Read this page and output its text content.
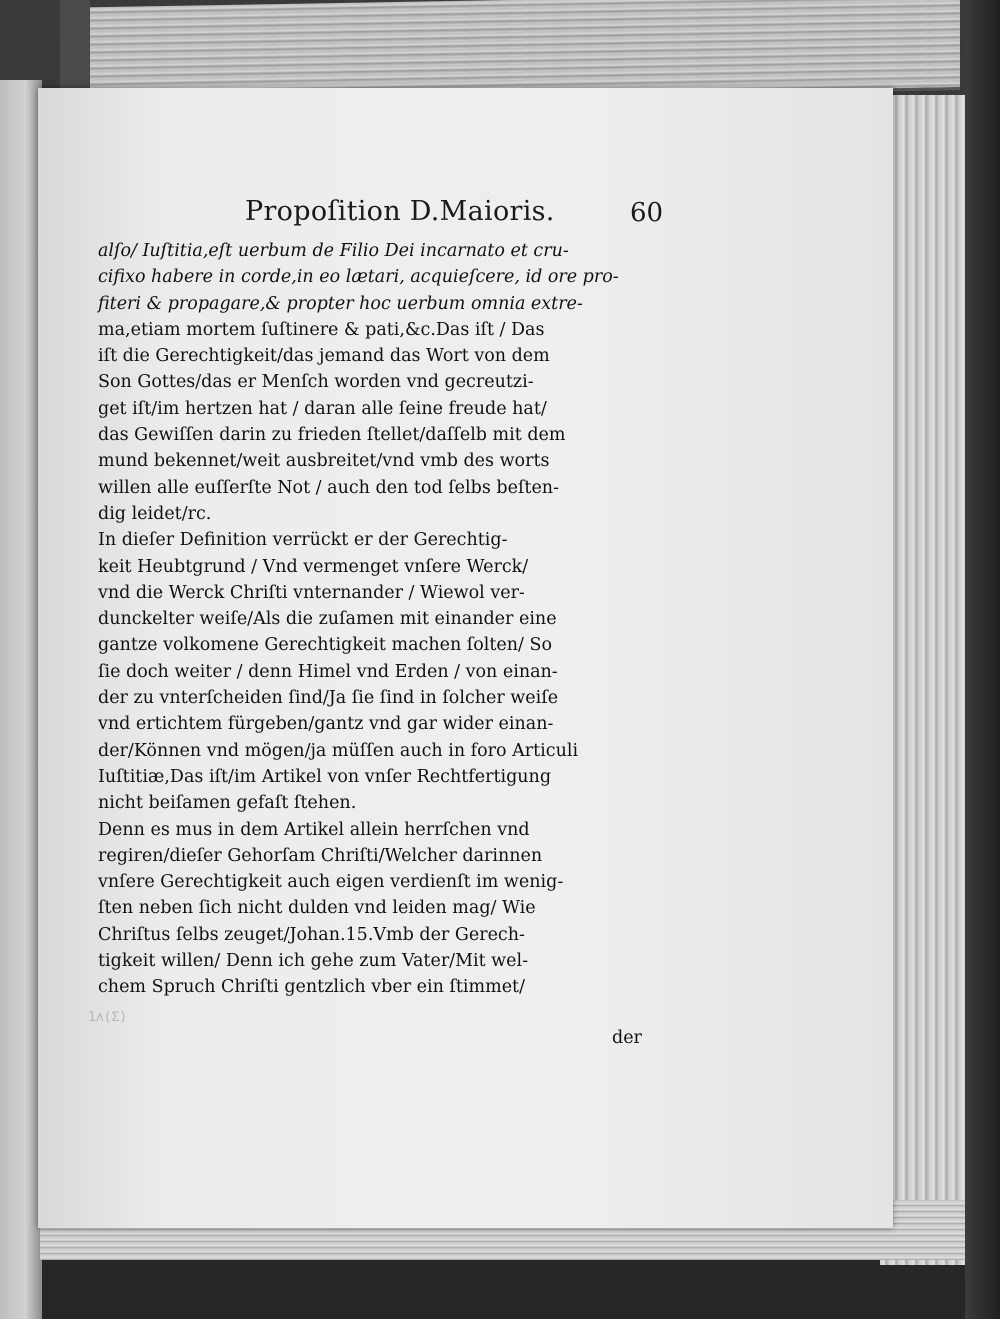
Propoſition D.Maioris.	60
alſo/ Iuſtitia,eſt uerbum de Filio Dei incarnato et cru-
cifixo habere in corde,in eo lætari, acquieſcere, id ore pro-
fiteri & propagare,& propter hoc uerbum omnia extre-
ma,etiam mortem ſuſtinere & pati,&c.Das iſt / Das
iſt die Gerechtigkeit/das jemand das Wort von dem
Son Gottes/das er Menſch worden vnd gecreutzi-
get iſt/im hertzen hat / daran alle ſeine freude hat/
das Gewiſſen darin zu frieden ſtellet/daſſelb mit dem
mund bekennet/weit ausbreitet/vnd vmb des worts
willen alle euſſerſte Not / auch den tod ſelbs beſten-
dig leidet/rc.
In dieſer Definition verrückt er der Gerechtig-
keit Heubtgrund / Vnd vermenget vnſere Werck/
vnd die Werck Chriſti vnternander / Wiewol ver-
dunckelter weiſe/Als die zuſamen mit einander eine
gantze volkomene Gerechtigkeit machen ſolten/ So
ſie doch weiter / denn Himel vnd Erden / von einan-
der zu vnterſcheiden ſind/Ja ſie ſind in ſolcher weiſe
vnd ertichtem fürgeben/gantz vnd gar wider einan-
der/Können vnd mögen/ja müſſen auch in foro Articuli
Iuſtitiæ,Das iſt/im Artikel von vnſer Rechtfertigung
nicht beiſamen gefaſt ſtehen.
Denn es mus in dem Artikel allein herrſchen vnd
regiren/dieſer Gehorſam Chriſti/Welcher darinnen
vnſere Gerechtigkeit auch eigen verdienſt im wenig-
ſten neben ſich nicht dulden vnd leiden mag/ Wie
Chriſtus ſelbs zeuget/Johan.15.Vmb der Gerech-
tigkeit willen/ Denn ich gehe zum Vater/Mit wel-
chem Spruch Chriſti gentzlich vber ein ſtimmet/
der
1ʌ(Σ)
